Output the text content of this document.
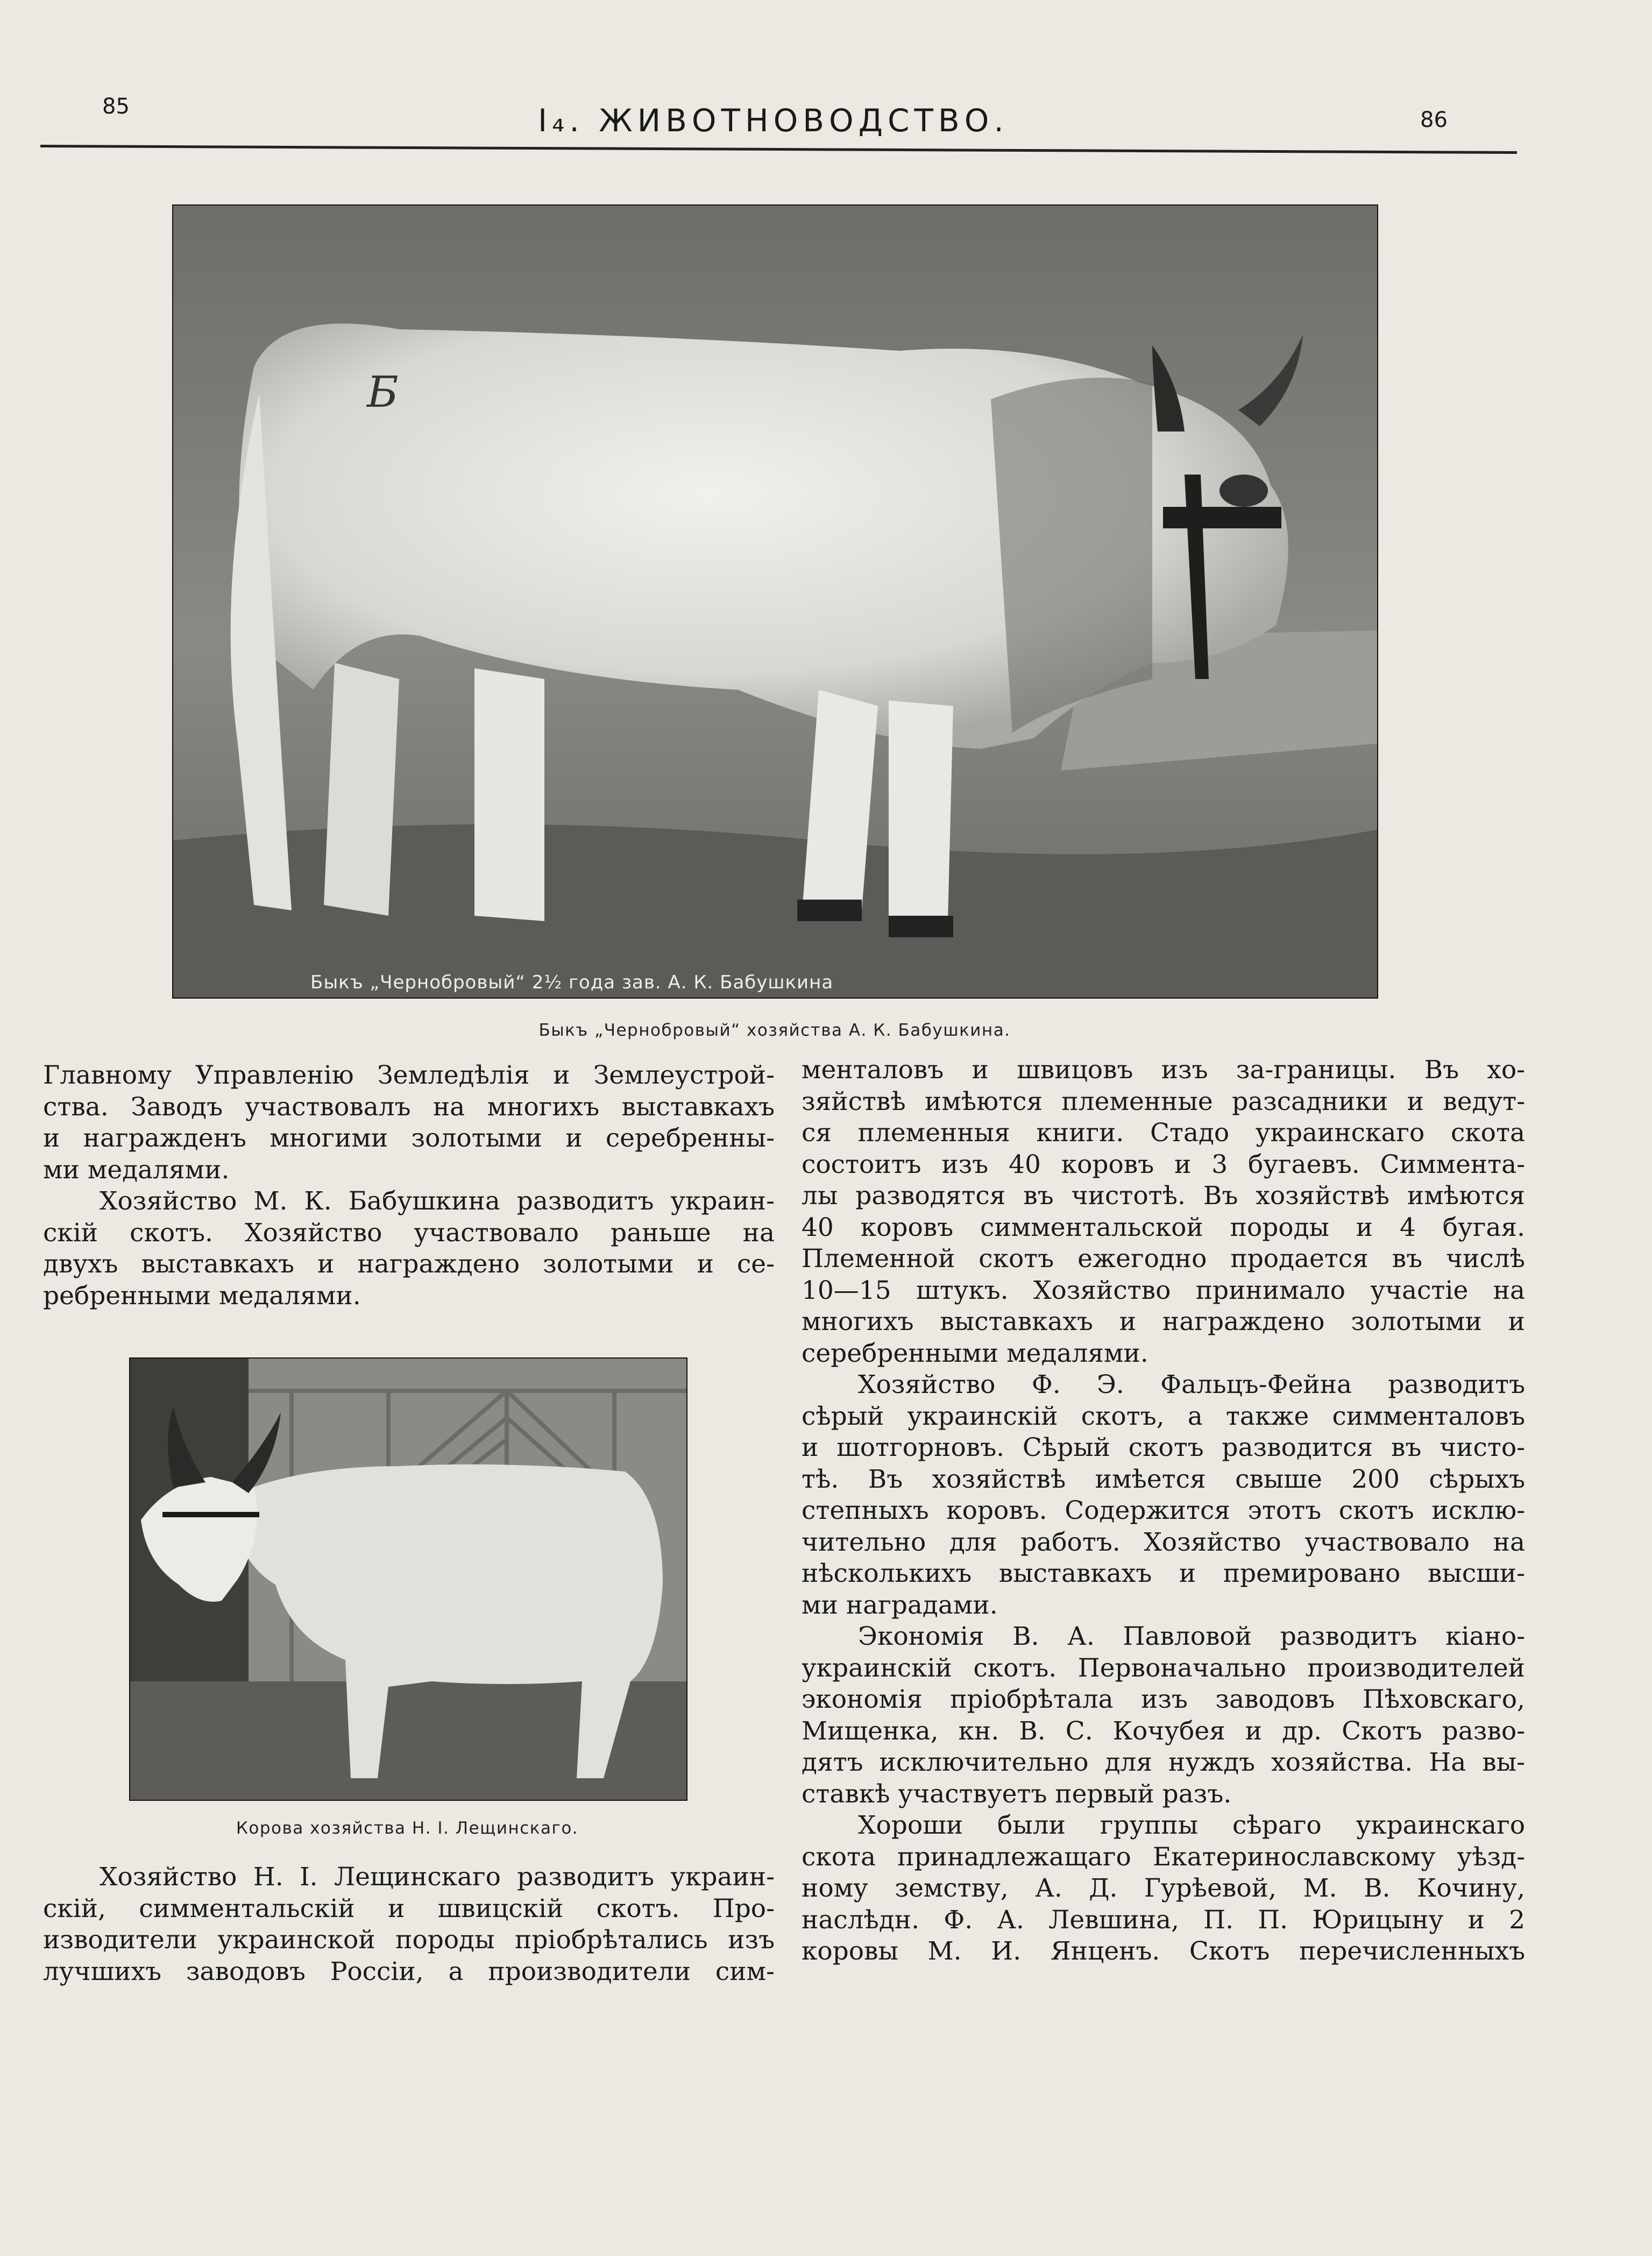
85	I₄. ЖИВОТНОВОДСТВО.	86
Быкъ „Чернобровый“ 2½ года зав. А. К. Бабушкина
Б
Быкъ „Чернобровый“ хозяйства А. К. Бабушкина.

Главному Управленію Земледѣлія и Землеустрой-

ства. Заводъ участвовалъ на многихъ выставкахъ

и награжденъ многими золотыми и серебренны-

ми медалями.

Хозяйство М. К. Бабушкина разводитъ украин-

скій скотъ. Хозяйство участвовало раньше на

двухъ выставкахъ и награждено золотыми и се-

ребренными медалями.

Корова хозяйства Н. І. Лещинскаго.

Хозяйство Н. І. Лещинскаго разводитъ украин-

скій, симментальскій и швицскій скотъ. Про-

изводители украинской породы пріобрѣтались изъ

лучшихъ заводовъ Россіи, а производители сим-

менталовъ и швицовъ изъ за-границы. Въ хо-

зяйствѣ имѣются племенные разсадники и ведут-

ся племенныя книги. Стадо украинскаго скота

состоитъ изъ 40 коровъ и 3 бугаевъ. Симмента-

лы разводятся въ чистотѣ. Въ хозяйствѣ имѣются

40 коровъ симментальской породы и 4 бугая.

Племенной скотъ ежегодно продается въ числѣ

10—15 штукъ. Хозяйство принимало участіе на

многихъ выставкахъ и награждено золотыми и

серебренными медалями.

Хозяйство Ф. Э. Фальцъ-Фейна разводитъ

сѣрый украинскій скотъ, а также симменталовъ

и шотгорновъ. Сѣрый скотъ разводится въ чисто-

тѣ. Въ хозяйствѣ имѣется свыше 200 сѣрыхъ

степныхъ коровъ. Содержится этотъ скотъ исклю-

чительно для работъ. Хозяйство участвовало на

нѣсколькихъ выставкахъ и премировано высши-

ми наградами.

Экономія В. А. Павловой разводитъ кіано-

украинскій скотъ. Первоначально производителей

экономія пріобрѣтала изъ заводовъ Пѣховскаго,

Мищенка, кн. В. С. Кочубея и др. Скотъ разво-

дятъ исключительно для нуждъ хозяйства. На вы-

ставкѣ участвуетъ первый разъ.

Хороши были группы сѣраго украинскаго

скота принадлежащаго Екатеринославскому уѣзд-

ному земству, А. Д. Гурѣевой, М. В. Кочину,

наслѣдн. Ф. А. Левшина, П. П. Юрицыну и 2

коровы М. И. Янценъ. Скотъ перечисленныхъ
